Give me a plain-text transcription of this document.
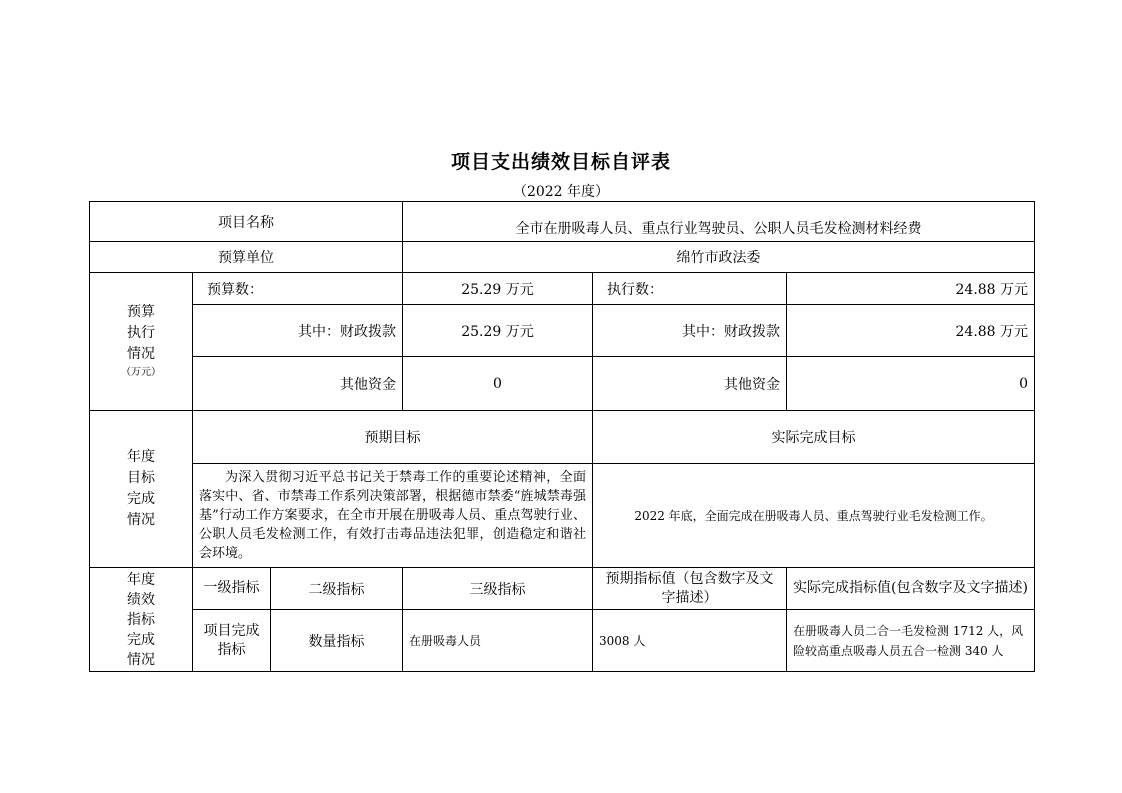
项目支出绩效目标自评表
（2022 年度）
项目名称			全市在册吸毒人员、重点行业驾驶员、公职人员毛发检测材料经费		
预算单位			绵竹市政法委		

预算
执行
情况
（万元）	预算数：		25.29 万元	执行数：	24.88 万元
	其中：财政拨款		25.29 万元	其中：财政拨款	24.88 万元
	其他资金		0	其他资金	0

年度
目标
完成
情况	预期目标			实际完成目标	

	为深入贯彻习近平总书记关于禁毒工作的重要论述精神，全面落实中、省、市禁毒工作系列决策部署，根据德市禁委“旌城禁毒强基”行动工作方案要求，在全市开展在册吸毒人员、重点驾驶行业、公职人员毛发检测工作，有效打击毒品违法犯罪，创造稳定和谐社会环境。			2022 年底，全面完成在册吸毒人员、重点驾驶行业毛发检测工作。	

年度
绩效
指标
完成
情况	一级指标	二级指标	三级指标	预期指标值（包含数字及文字描述）	实际完成指标值(包含数字及文字描述)
	项目完成指标	数量指标	在册吸毒人员	3008 人	在册吸毒人员二合一毛发检测 1712 人，风险较高重点吸毒人员五合一检测 340 人
